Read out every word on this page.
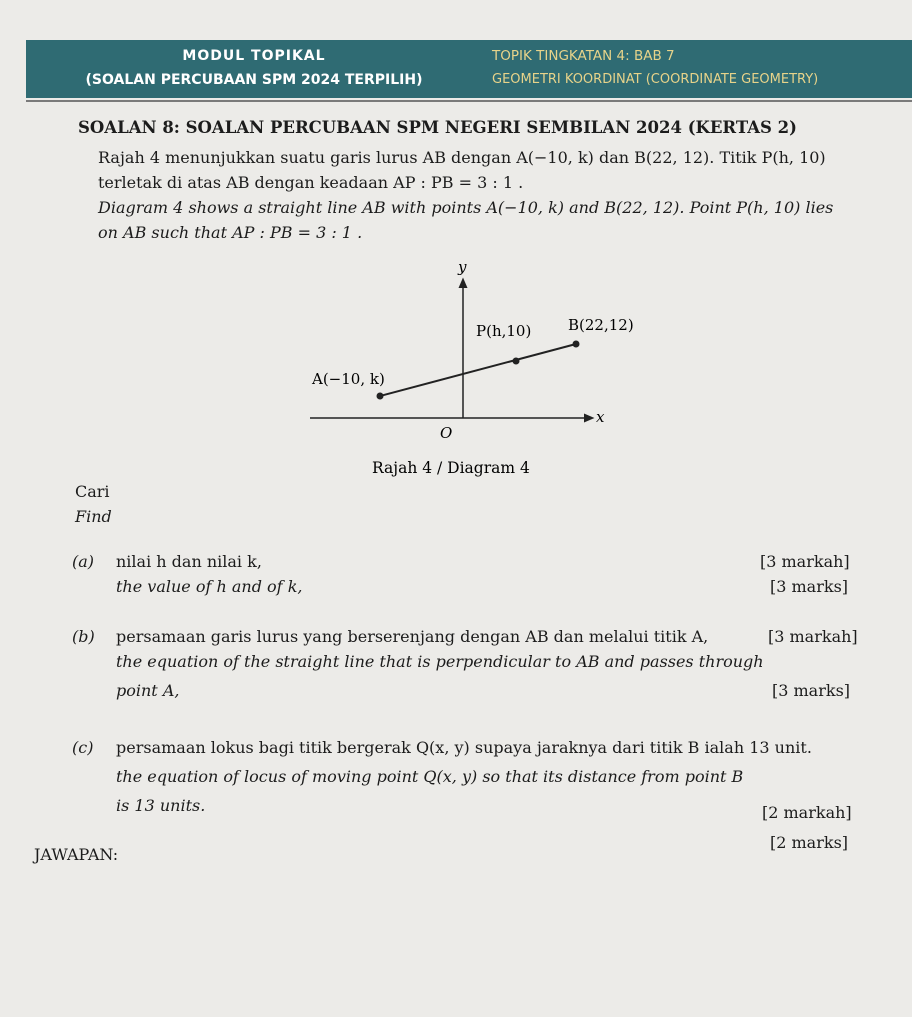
MODUL TOPIKAL
(SOALAN PERCUBAAN SPM 2024 TERPILIH)
TOPIK TINGKATAN 4: BAB 7
GEOMETRI KOORDINAT (COORDINATE GEOMETRY)
SOALAN 8: SOALAN PERCUBAAN SPM NEGERI SEMBILAN 2024 (KERTAS 2)
Rajah 4 menunjukkan suatu garis lurus AB dengan A(−10, k) dan B(22, 12). Titik P(h, 10)
terletak di atas AB dengan keadaan AP : PB = 3 : 1 .
Diagram 4 shows a straight line AB with points A(−10, k) and B(22, 12). Point P(h, 10) lies
on AB such that AP : PB = 3 : 1 .
y
x
O
A(−10, k)
P(h,10) B(22,12)
Rajah 4 / Diagram 4
Cari
Find
(a) nilai h dan nilai k,
the value of h and of k,
[3 markah]
[3 marks]
(b) persamaan garis lurus yang berserenjang dengan AB dan melalui titik A,	[3 markah]
the equation of the straight line that is perpendicular to AB and passes through
point A,	[3 marks]
(c) persamaan lokus bagi titik bergerak Q(x, y) supaya jaraknya dari titik B ialah 13 unit.
the equation of locus of moving point Q(x, y) so that its distance from point B
is 13 units.	[2 markah]
[2 marks]
JAWAPAN:
